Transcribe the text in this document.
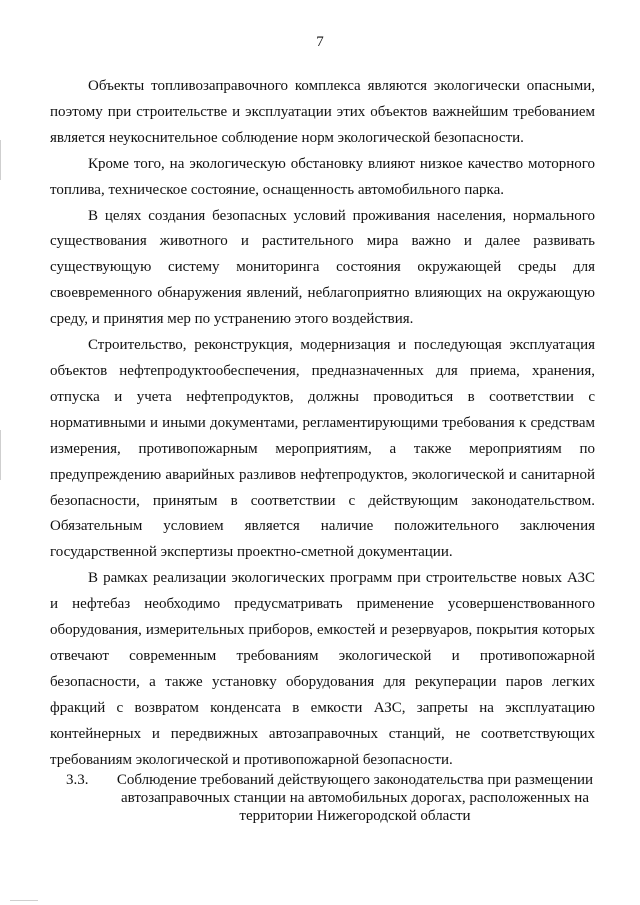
7

Объекты топливозаправочного комплекса являются экологически опасными, поэтому при строительстве и эксплуатации этих объектов важнейшим требованием является неукоснительное соблюдение норм экологической безопасности.

Кроме того, на экологическую обстановку влияют низкое качество моторного топлива, техническое состояние, оснащенность автомобильного парка.

В целях создания безопасных условий проживания населения, нормального существования животного и растительного мира важно и далее развивать существующую систему мониторинга состояния окружающей среды для своевременного обнаружения явлений, неблагоприятно влияющих на окружающую среду, и принятия мер по устранению этого воздействия.

Строительство, реконструкция, модернизация и последующая эксплуатация объектов нефтепродуктообеспечения, предназначенных для приема, хранения, отпуска и учета нефтепродуктов, должны проводиться в соответствии с нормативными и иными документами, регламентирующими требования к средствам измерения, противопожарным мероприятиям, а также мероприятиям по предупреждению аварийных разливов нефтепродуктов, экологической и санитарной безопасности, принятым в соответствии с действующим законодательством. Обязательным условием является наличие положительного заключения государственной экспертизы проектно-сметной документации.

В рамках реализации экологических программ при строительстве новых АЗС и нефтебаз необходимо предусматривать применение усовершенствованного оборудования, измерительных приборов, емкостей и резервуаров, покрытия которых отвечают современным требованиям экологической и противопожарной безопасности, а также установку оборудования для рекуперации паров легких фракций с возвратом конденсата в емкости АЗС, запреты на эксплуатацию контейнерных и передвижных автозаправочных станций, не соответствующих требованиям экологической и противопожарной безопасности.

3.3. Соблюдение требований действующего законодательства при размещении автозаправочных станции на автомобильных дорогах, расположенных на территории Нижегородской области
